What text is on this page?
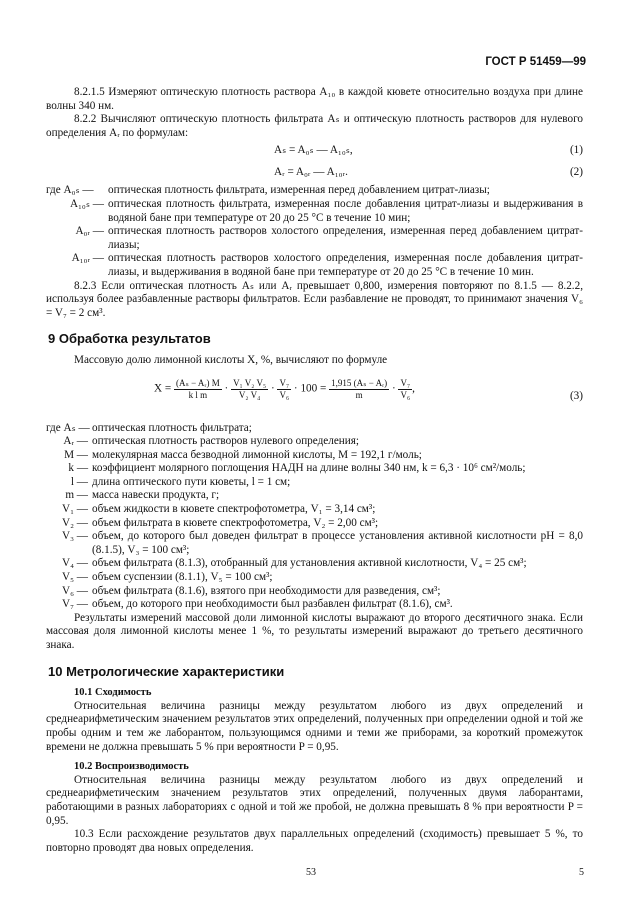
ГОСТ Р 51459—99

8.2.1.5 Измеряют оптическую плотность раствора A₁₀ в каждой кювете относительно воздуха при длине волны 340 нм.

8.2.2 Вычисляют оптическую плотность фильтрата Aₛ и оптическую плотность растворов для нулевого определения Aᵣ по формулам:

Aₛ = A₀ₛ — A₁₀ₛ,	(1)
Aᵣ = A₀ᵣ — A₁₀ᵣ.	(2)
где A₀ₛ —	оптическая плотность фильтрата, измеренная перед добавлением цитрат-лиазы;
A₁₀ₛ — оптическая плотность фильтрата, измеренная после добавления цитрат-лиазы и выдерживания в водяной бане при температуре от 20 до 25 °С в течение 10 мин;
A₀ᵣ — оптическая плотность растворов холостого определения, измеренная перед добавлением цитрат-лиазы;
A₁₀ᵣ — оптическая плотность растворов холостого определения, измеренная после добавления цитрат-лиазы, и выдерживания в водяной бане при температуре от 20 до 25 °С в течение 10 мин.

8.2.3 Если оптическая плотность Aₛ или Aᵣ превышает 0,800, измерения повторяют по 8.1.5 — 8.2.2, используя более разбавленные растворы фильтратов. Если разбавление не проводят, то принимают значения V₆ = V₇ = 2 см³.

9 Обработка результатов

Массовую долю лимонной кислоты X, %, вычисляют по формуле

$X = \frac{\text{(Aₛ − Aᵣ) M}}{\text{k l m}} \cdot \frac{\text{V₁ V₂ V₅}}{\text{V₂ V₄}} \cdot \frac{\text{V₇}}{\text{V₆}} \cdot 100 = \frac{\text{1,915 (Aₛ − Aᵣ)}}{m} \cdot \frac{\text{V₇}}{\text{V₆}}$ ,
(3)
где Aₛ — оптическая плотность фильтрата;
Aᵣ — оптическая плотность растворов нулевого определения;
M — молекулярная масса безводной лимонной кислоты, M = 192,1 г/моль;
k — коэффициент молярного поглощения НАДН на длине волны 340 нм, k = 6,3 · 10⁶ см²/моль;
l — длина оптического пути кюветы, l = 1 см;
m — масса навески продукта, г;
V₁ — объем жидкости в кювете спектрофотометра, V₁ = 3,14 см³;
V₂ — объем фильтрата в кювете спектрофотометра, V₂ = 2,00 см³;
V₃ — объем, до которого был доведен фильтрат в процессе установления активной кислотности рН = 8,0 (8.1.5), V₃ = 100 см³;
V₄ — объем фильтрата (8.1.3), отобранный для установления активной кислотности, V₄ = 25 см³;
V₅ — объем суспензии (8.1.1), V₅ = 100 см³;
V₆ — объем фильтрата (8.1.6), взятого при необходимости для разведения, см³;
V₇ — объем, до которого при необходимости был разбавлен фильтрат (8.1.6), см³.

Результаты измерений массовой доли лимонной кислоты выражают до второго десятичного знака. Если массовая доля лимонной кислоты менее 1 %, то результаты измерений выражают до третьего десятичного знака.

10 Метрологические характеристики
10.1 Сходимость

Относительная величина разницы между результатом любого из двух определений и среднеарифметическим значением результатов этих определений, полученных при определении одной и той же пробы одним и тем же лаборантом, пользующимся одними и теми же приборами, за короткий промежуток времени не должна превышать 5 % при вероятности P = 0,95.

10.2 Воспроизводимость

Относительная величина разницы между результатом любого из двух определений и среднеарифметическим значением результатов этих определений, полученных двумя лаборантами, работающими в разных лабораториях с одной и той же пробой, не должна превышать 8 % при вероятности P = 0,95.

10.3 Если расхождение результатов двух параллельных определений (сходимость) превышает 5 %, то повторно проводят два новых определения.

53	5
